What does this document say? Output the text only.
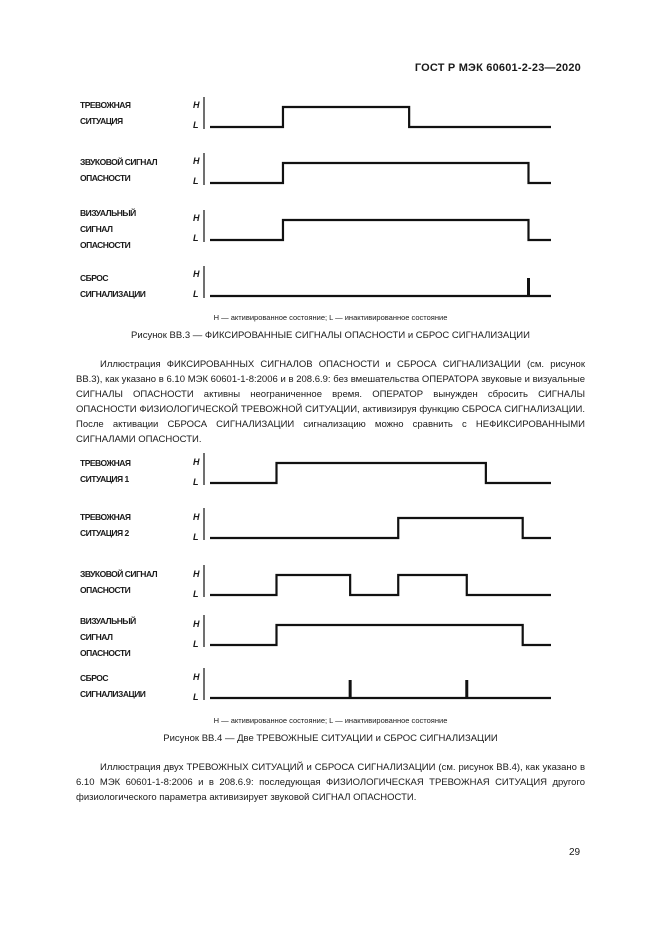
ГОСТ Р МЭК 60601-2-23—2020
ТРЕВОЖНАЯ
СИТУАЦИЯ
ЗВУКОВОЙ СИГНАЛ
ОПАСНОСТИ
ВИЗУАЛЬНЫЙ
СИГНАЛ
ОПАСНОСТИ
СБРОС
СИГНАЛИЗАЦИИ
H
L
H
L
H
L
H
L
H — активированное состояние; L — инактивированное состояние
Рисунок BB.3 — ФИКСИРОВАННЫЕ СИГНАЛЫ ОПАСНОСТИ и СБРОС СИГНАЛИЗАЦИИ

Иллюстрация ФИКСИРОВАННЫХ СИГНАЛОВ ОПАСНОСТИ и СБРОСА СИГНАЛИЗАЦИИ (см. рисунок BB.3), как указано в 6.10 МЭК 60601-1-8:2006 и в 208.6.9: без вмешательства ОПЕРАТОРА звуковые и визуальные СИГНАЛЫ ОПАСНОСТИ активны неограниченное время. ОПЕРАТОР вынужден сбросить СИГНАЛЫ ОПАСНОСТИ ФИЗИОЛОГИЧЕСКОЙ ТРЕВОЖНОЙ СИТУАЦИИ, активизируя функцию СБРОСА СИГНАЛИЗАЦИИ. После активации СБРОСА СИГНАЛИЗАЦИИ сигнализацию можно сравнить с НЕФИКСИРОВАННЫМИ СИГНАЛАМИ ОПАСНОСТИ.

ТРЕВОЖНАЯ
СИТУАЦИЯ 1
ТРЕВОЖНАЯ
СИТУАЦИЯ 2
ЗВУКОВОЙ СИГНАЛ
ОПАСНОСТИ
ВИЗУАЛЬНЫЙ
СИГНАЛ
ОПАСНОСТИ
СБРОС
СИГНАЛИЗАЦИИ
H
L
H
L
H
L
H
L
H
L
H — активированное состояние; L — инактивированное состояние
Рисунок BB.4 — Две ТРЕВОЖНЫЕ СИТУАЦИИ и СБРОС СИГНАЛИЗАЦИИ

Иллюстрация двух ТРЕВОЖНЫХ СИТУАЦИЙ и СБРОСА СИГНАЛИЗАЦИИ (см. рисунок BB.4), как указано в 6.10 МЭК 60601-1-8:2006 и в 208.6.9: последующая ФИЗИОЛОГИЧЕСКАЯ ТРЕВОЖНАЯ СИТУАЦИЯ другого физиологического параметра активизирует звуковой СИГНАЛ ОПАСНОСТИ.

29
